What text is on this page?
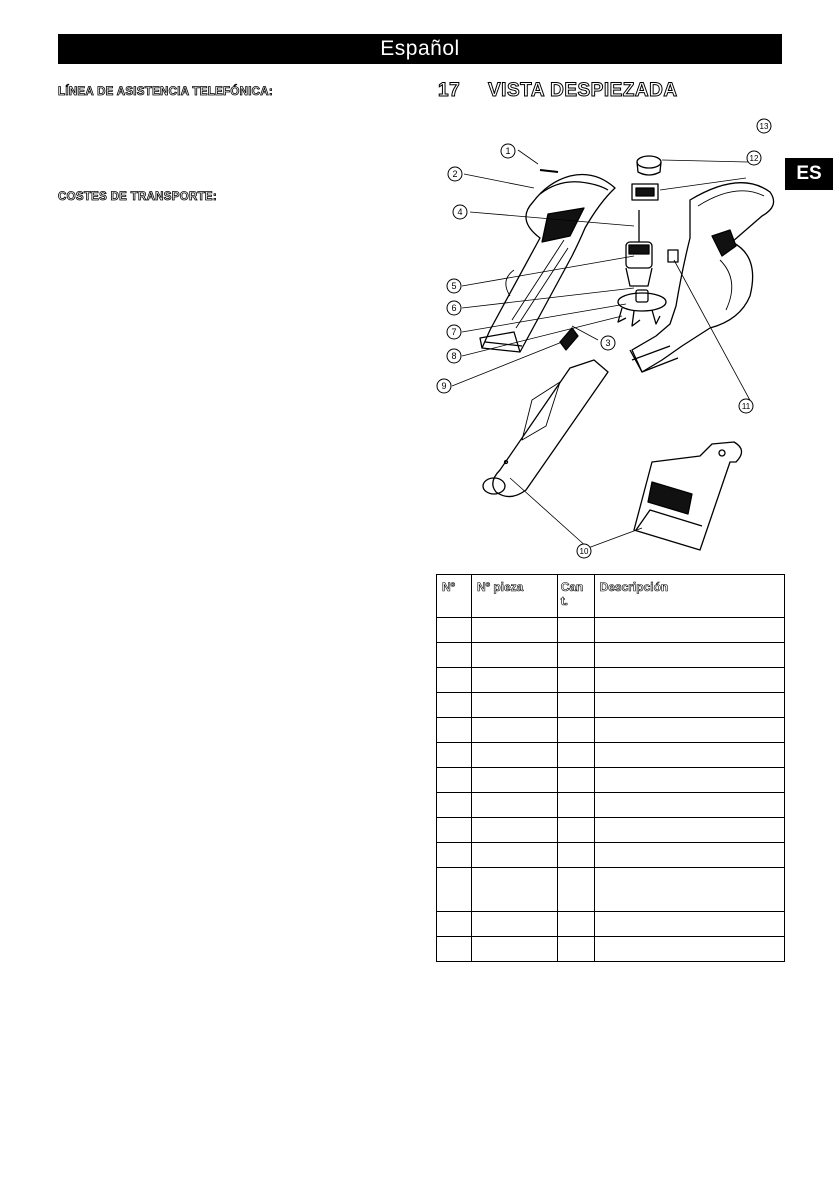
Español
ES
LÍNEA DE ASISTENCIA TELEFÓNICA:
COSTES DE TRANSPORTE:
17 VISTA DESPIEZADA
1
2
3
4
5
6
7
8
9
10
11
12
13
Nº	Nº pieza	Cant.	Descripción
